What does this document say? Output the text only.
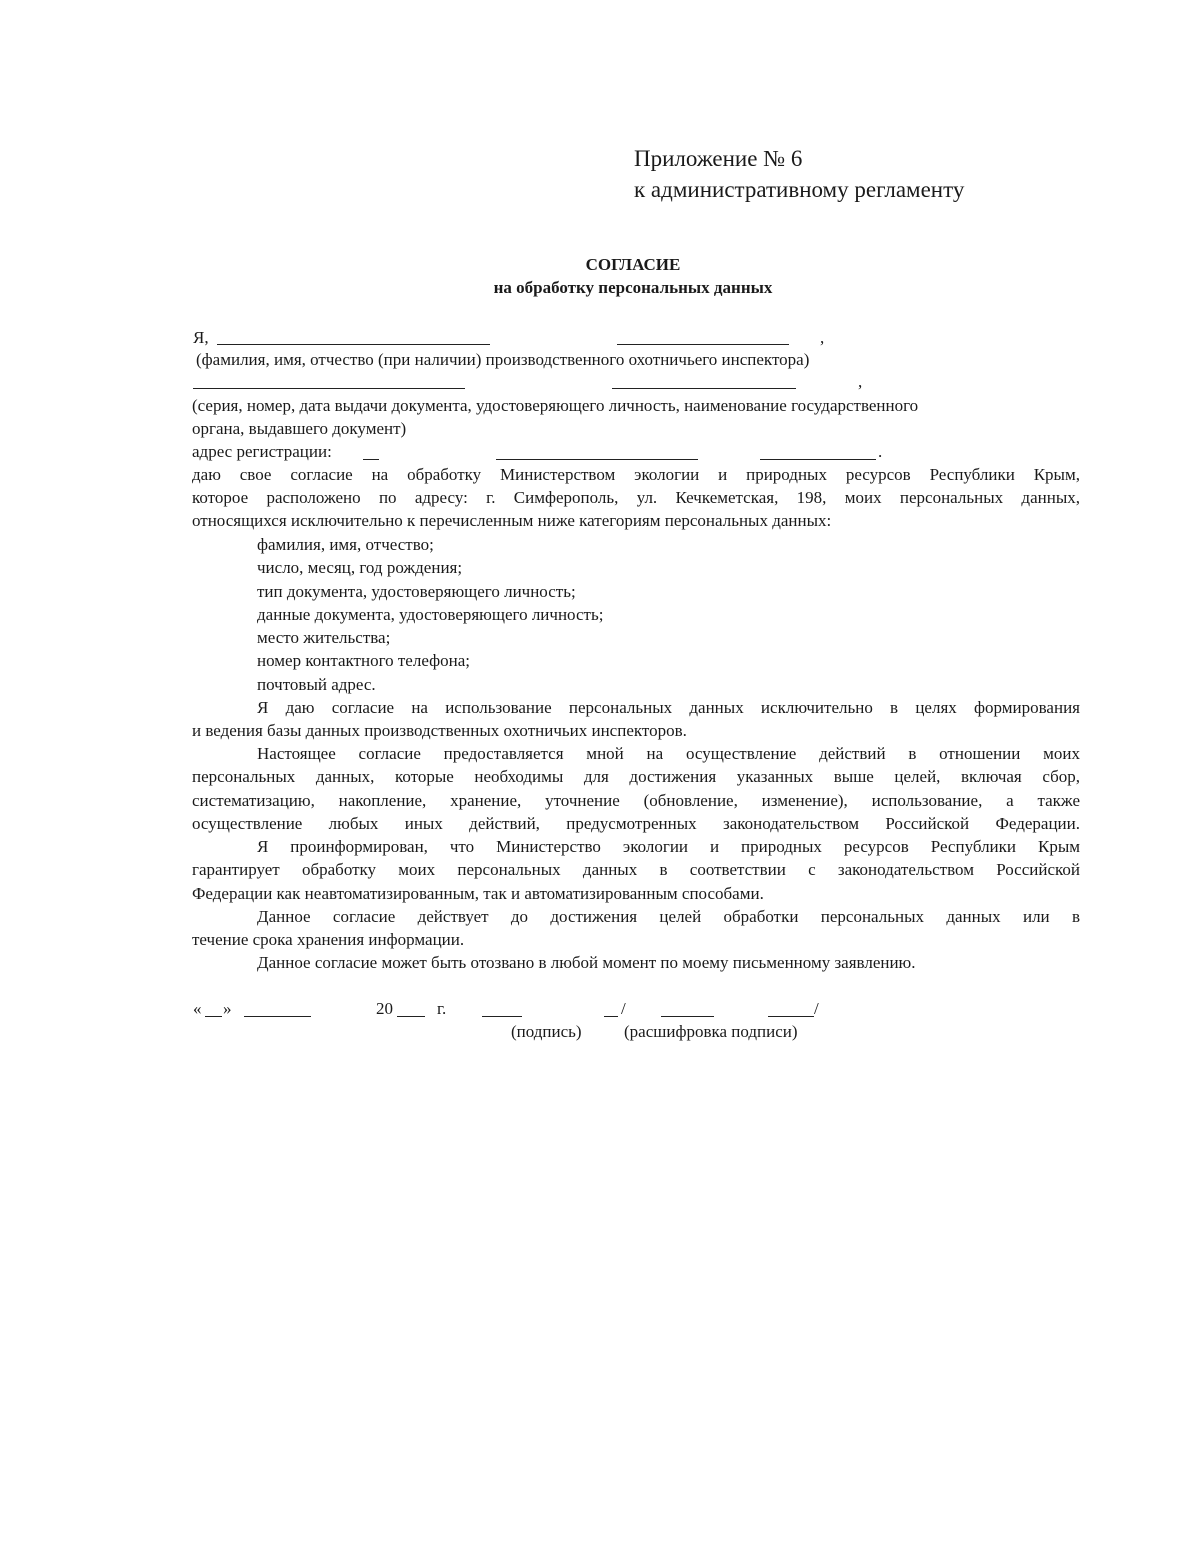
Приложение № 6
к административному регламенту
СОГЛАСИЕ
на обработку персональных данных
Я,	,
(фамилия, имя, отчество (при наличии) производственного охотничьего инспектора)
,
(серия, номер, дата выдачи документа, удостоверяющего личность, наименование государственного
органа, выдавшего документ)
адрес регистрации:	.
даю свое согласие на обработку Министерством экологии и природных ресурсов Республики Крым,
которое расположено по адресу: г. Симферополь, ул. Кечкеметская, 198, моих персональных данных,
относящихся исключительно к перечисленным ниже категориям персональных данных:
фамилия, имя, отчество;
число, месяц, год рождения;
тип документа, удостоверяющего личность;
данные документа, удостоверяющего личность;
место жительства;
номер контактного телефона;
почтовый адрес.
Я даю согласие на использование персональных данных исключительно в целях формирования
и ведения базы данных производственных охотничьих инспекторов.
Настоящее согласие предоставляется мной на осуществление действий в отношении моих
персональных данных, которые необходимы для достижения указанных выше целей, включая сбор,
систематизацию, накопление, хранение, уточнение (обновление, изменение), использование, а также
осуществление любых иных действий, предусмотренных законодательством Российской Федерации.
Я проинформирован, что Министерство экологии и природных ресурсов Республики Крым
гарантирует обработку моих персональных данных в соответствии с законодательством Российской
Федерации как неавтоматизированным, так и автоматизированным способами.
Данное согласие действует до достижения целей обработки персональных данных или в
течение срока хранения информации.
Данное согласие может быть отозвано в любой момент по моему письменному заявлению.
« »	20	г.	/	/
(подпись) (расшифровка подписи)
